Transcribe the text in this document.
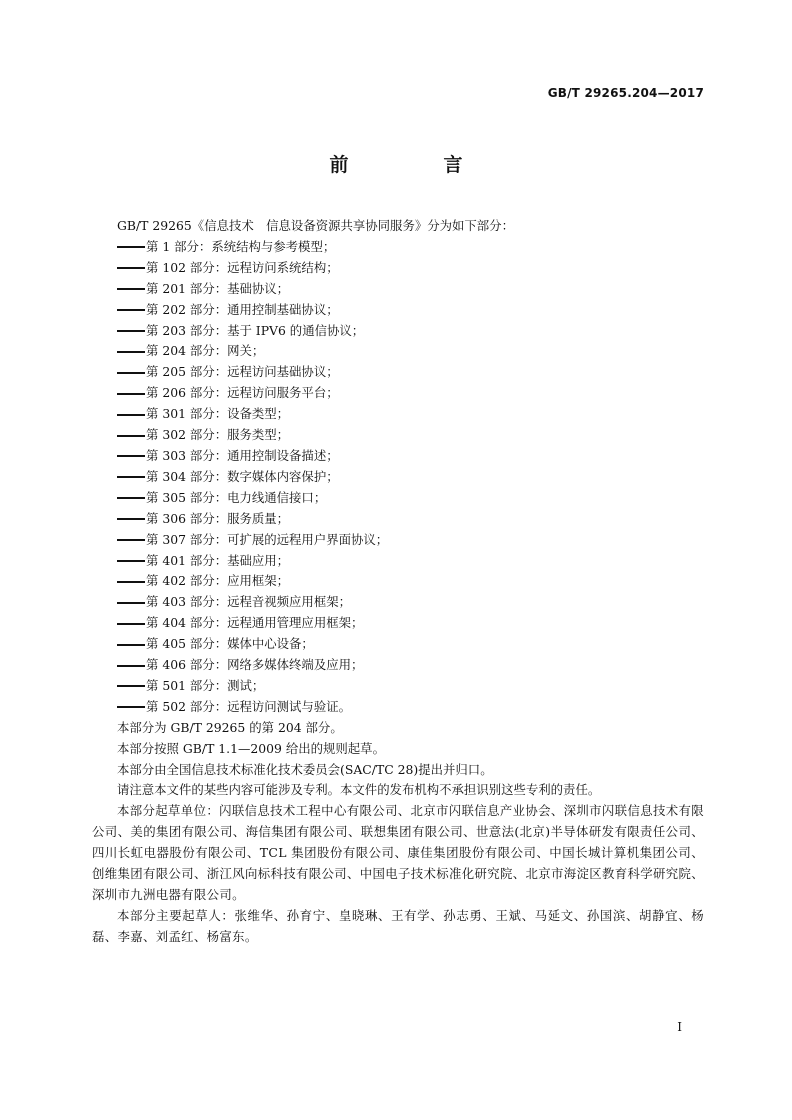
GB/T 29265.204—2017
前　言

GB/T 29265《信息技术　信息设备资源共享协同服务》分为如下部分：

第 1 部分：系统结构与参考模型；

第 102 部分：远程访问系统结构；

第 201 部分：基础协议；

第 202 部分：通用控制基础协议；

第 203 部分：基于 IPV6 的通信协议；

第 204 部分：网关；

第 205 部分：远程访问基础协议；

第 206 部分：远程访问服务平台；

第 301 部分：设备类型；

第 302 部分：服务类型；

第 303 部分：通用控制设备描述；

第 304 部分：数字媒体内容保护；

第 305 部分：电力线通信接口；

第 306 部分：服务质量；

第 307 部分：可扩展的远程用户界面协议；

第 401 部分：基础应用；

第 402 部分：应用框架；

第 403 部分：远程音视频应用框架；

第 404 部分：远程通用管理应用框架；

第 405 部分：媒体中心设备；

第 406 部分：网络多媒体终端及应用；

第 501 部分：测试；

第 502 部分：远程访问测试与验证。

本部分为 GB/T 29265 的第 204 部分。

本部分按照 GB/T 1.1—2009 给出的规则起草。

本部分由全国信息技术标准化技术委员会(SAC/TC 28)提出并归口。

请注意本文件的某些内容可能涉及专利。本文件的发布机构不承担识别这些专利的责任。

本部分起草单位：闪联信息技术工程中心有限公司、北京市闪联信息产业协会、深圳市闪联信息技术有限公司、美的集团有限公司、海信集团有限公司、联想集团有限公司、世意法(北京)半导体研发有限责任公司、四川长虹电器股份有限公司、TCL 集团股份有限公司、康佳集团股份有限公司、中国长城计算机集团公司、创维集团有限公司、浙江风向标科技有限公司、中国电子技术标准化研究院、北京市海淀区教育科学研究院、深圳市九洲电器有限公司。

本部分主要起草人：张维华、孙育宁、皇晓琳、王有学、孙志勇、王斌、马延文、孙国滨、胡静宜、杨磊、李嘉、刘孟红、杨富东。

I
